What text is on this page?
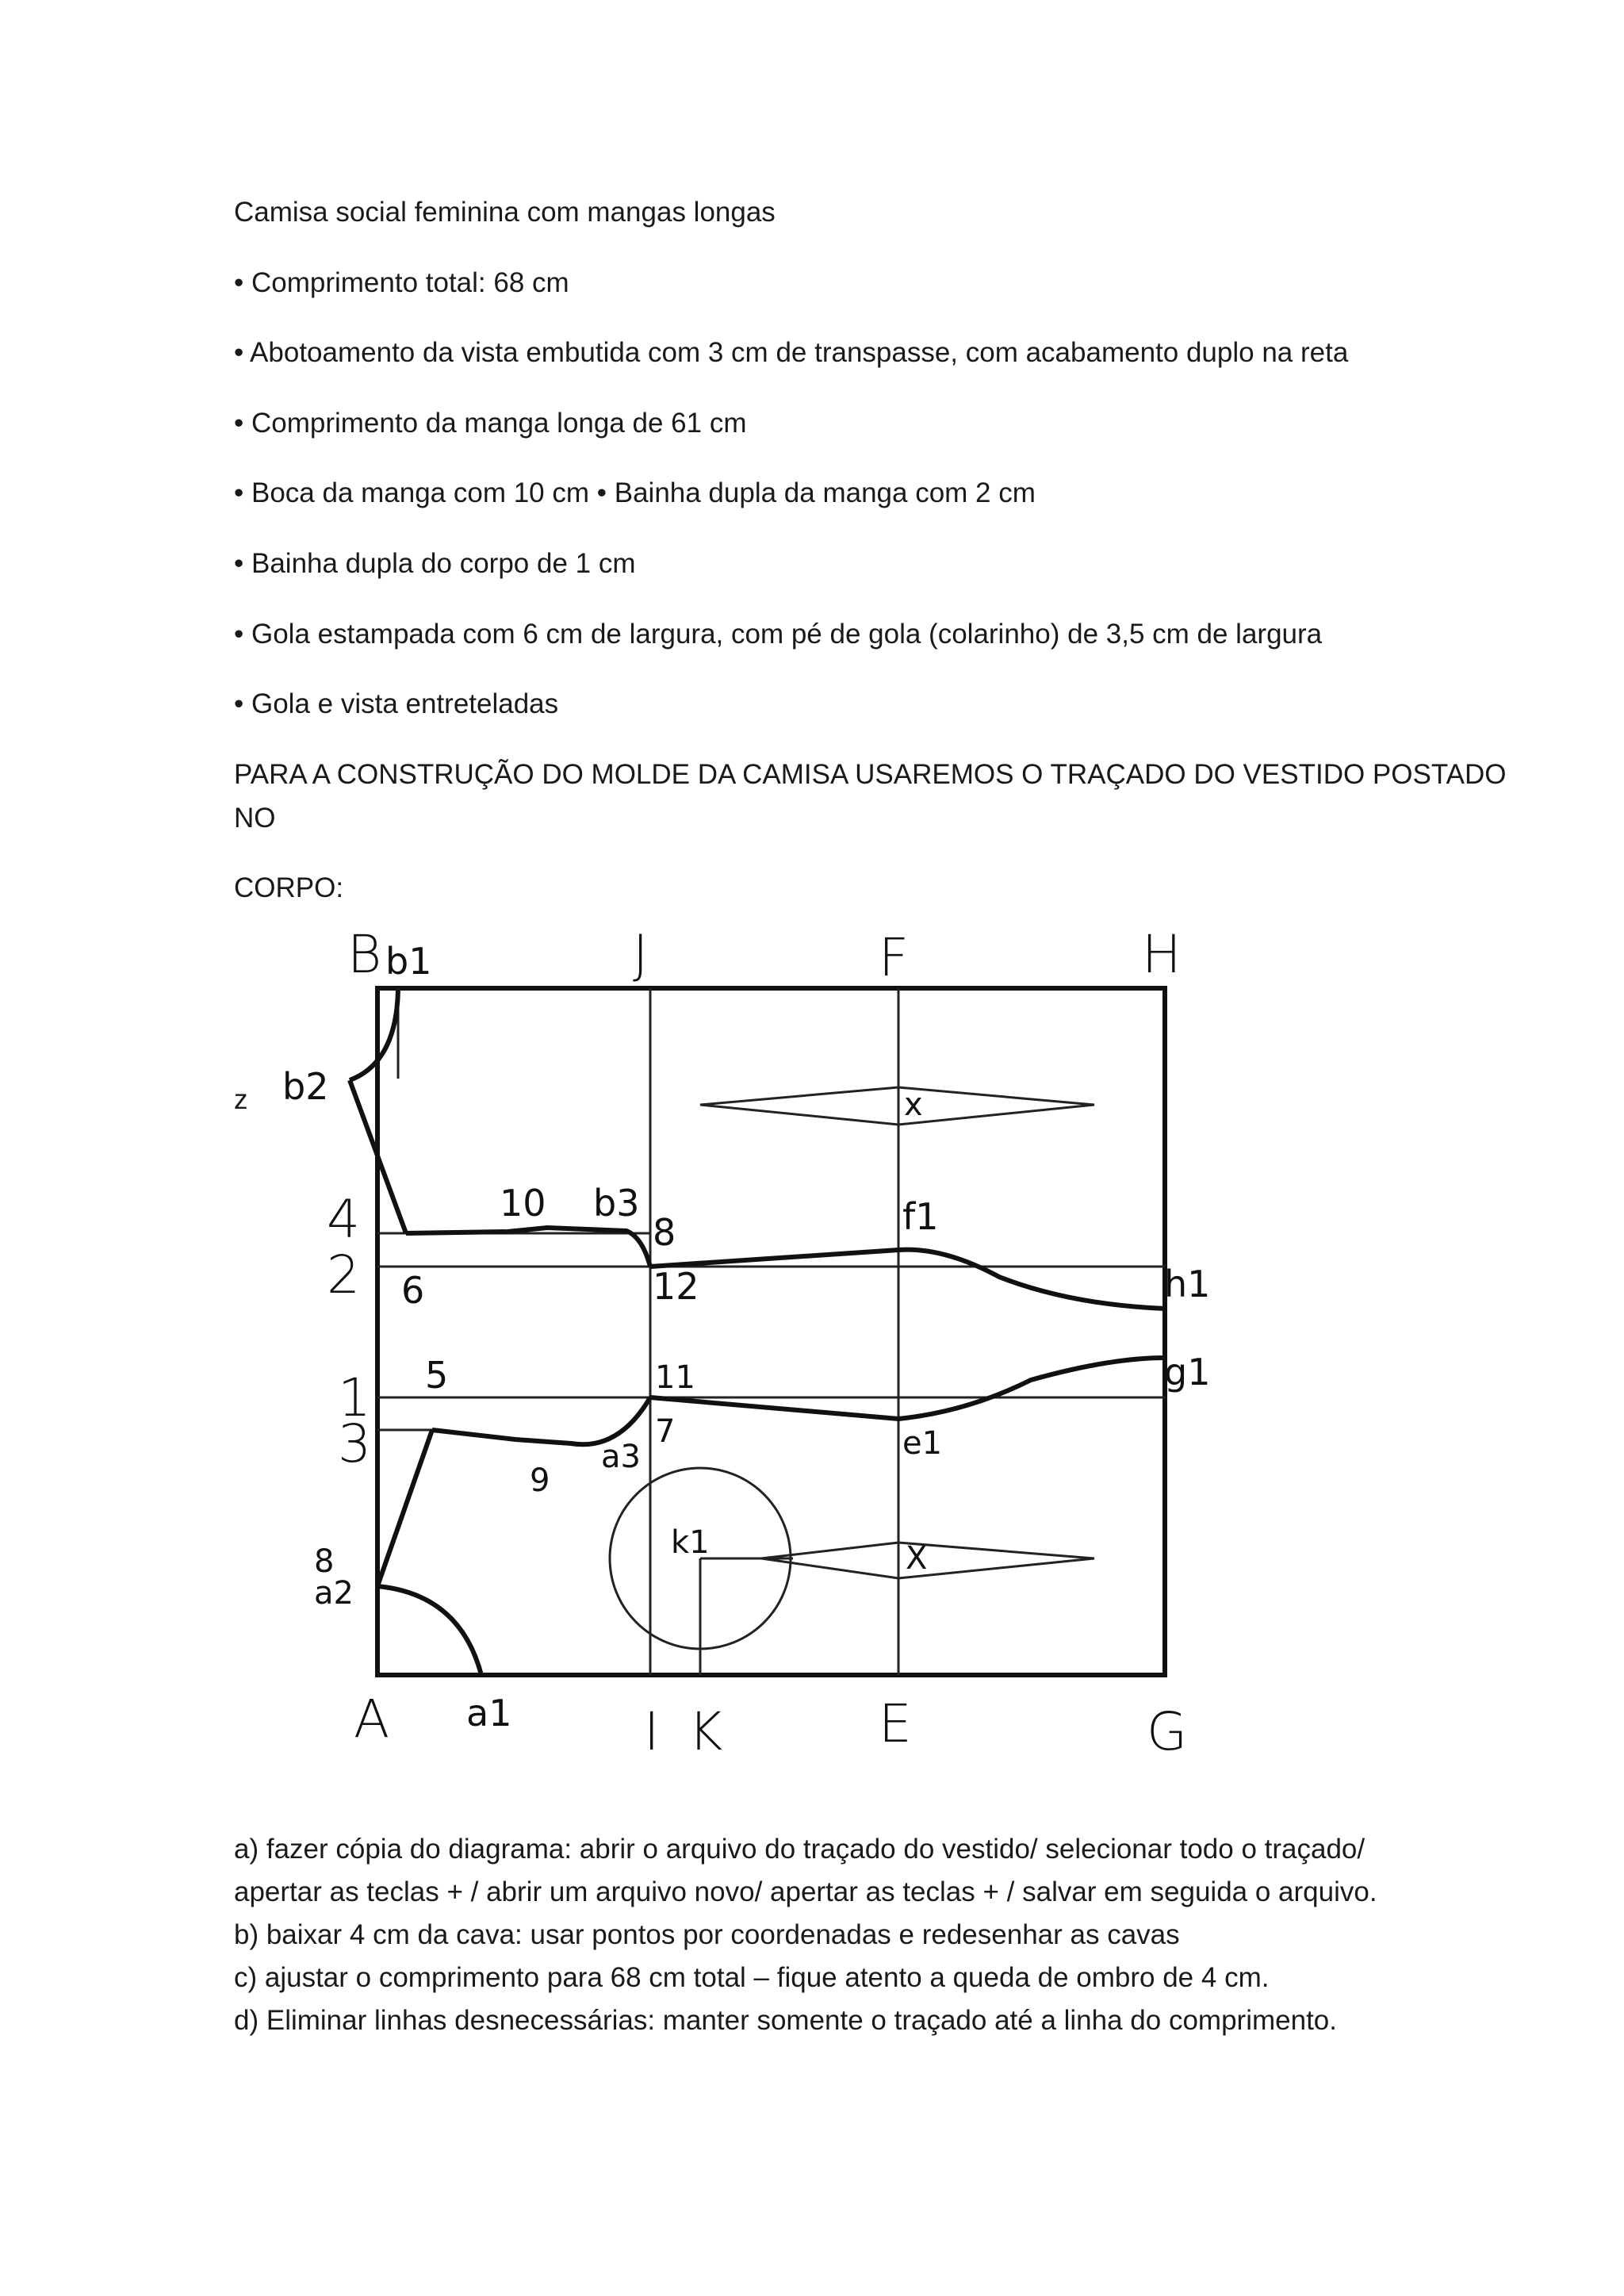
Camisa social feminina com mangas longas
• Comprimento total: 68 cm
• Abotoamento da vista embutida com 3 cm de transpasse, com acabamento duplo na reta
• Comprimento da manga longa de 61 cm
• Boca da manga com 10 cm • Bainha dupla da manga com 2 cm
• Bainha dupla do corpo de 1 cm
• Gola estampada com 6 cm de largura, com pé de gola (colarinho) de 3,5 cm de largura
• Gola e vista entreteladas
PARA A CONSTRUÇÃO DO MOLDE DA CAMISA USAREMOS O TRAÇADO DO VESTIDO POSTADO
NO
CORPO:
z
B b1	J	F	H
b2
4
2
1
3
8
a2
10 b3
8	f1
6	12	h1
5	11	g1
7
a3
9
e1
k1
x
X
A a1	I K	E	G
a) fazer cópia do diagrama: abrir o arquivo do traçado do vestido/ selecionar todo o traçado/
apertar as teclas + / abrir um arquivo novo/ apertar as teclas + / salvar em seguida o arquivo.
b) baixar 4 cm da cava: usar pontos por coordenadas e redesenhar as cavas
c) ajustar o comprimento para 68 cm total – fique atento a queda de ombro de 4 cm.
d) Eliminar linhas desnecessárias: manter somente o traçado até a linha do comprimento.
